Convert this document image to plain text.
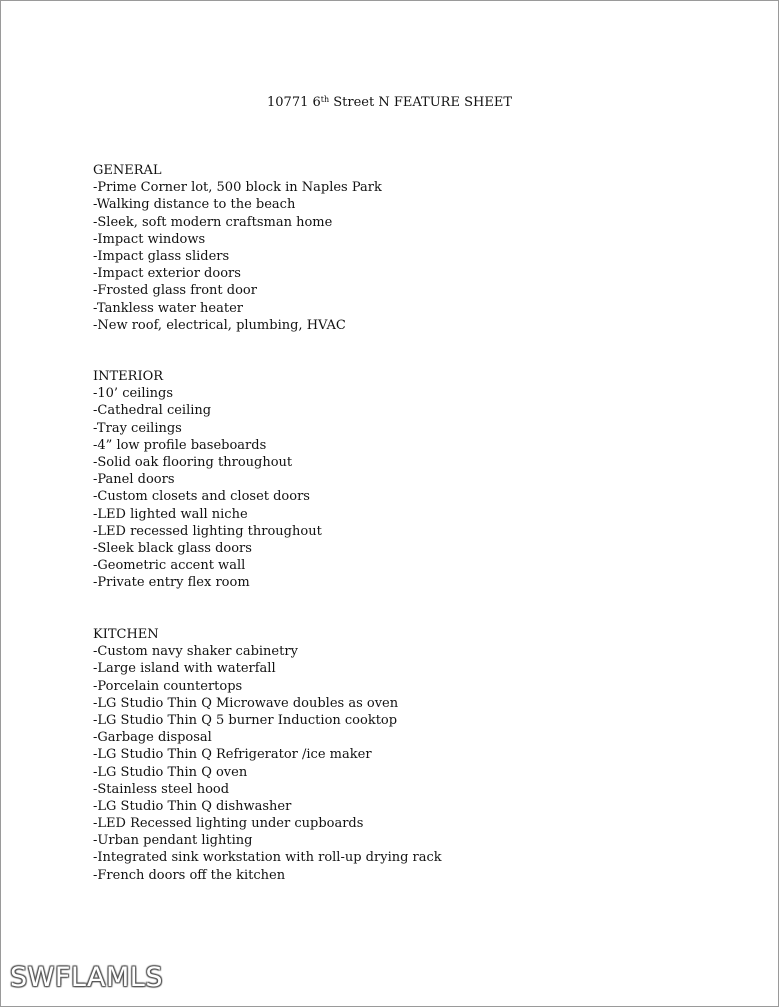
10771 6th Street N FEATURE SHEET
GENERAL
-Prime Corner lot, 500 block in Naples Park
-Walking distance to the beach
-Sleek, soft modern craftsman home
-Impact windows
-Impact glass sliders
-Impact exterior doors
-Frosted glass front door
-Tankless water heater
-New roof, electrical, plumbing, HVAC
INTERIOR
-10’ ceilings
-Cathedral ceiling
-Tray ceilings
-4” low profile baseboards
-Solid oak flooring throughout
-Panel doors
-Custom closets and closet doors
-LED lighted wall niche
-LED recessed lighting throughout
-Sleek black glass doors
-Geometric accent wall
-Private entry flex room
KITCHEN
-Custom navy shaker cabinetry
-Large island with waterfall
-Porcelain countertops
-LG Studio Thin Q Microwave doubles as oven
-LG Studio Thin Q 5 burner Induction cooktop
-Garbage disposal
-LG Studio Thin Q Refrigerator /ice maker
-LG Studio Thin Q oven
-Stainless steel hood
-LG Studio Thin Q dishwasher
-LED Recessed lighting under cupboards
-Urban pendant lighting
-Integrated sink workstation with roll-up drying rack
-French doors off the kitchen
SWFLAMLS
